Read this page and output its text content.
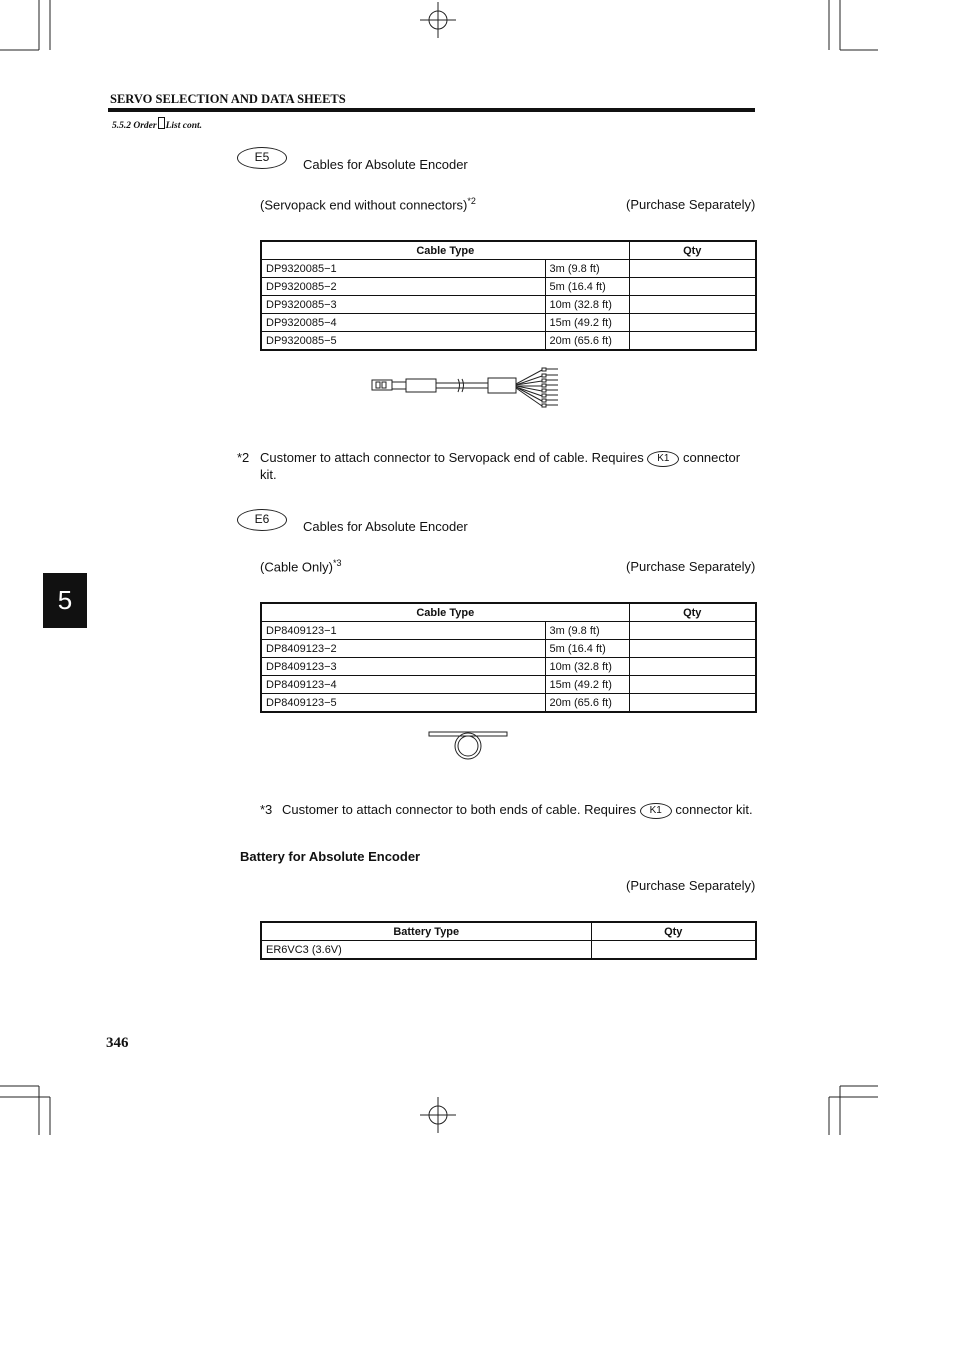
SERVO SELECTION AND DATA SHEETS
5.5.2 Order List cont.
E5	Cables for Absolute Encoder
(Servopack end without connectors)$^{*2}$	(Purchase Separately)
Cable Type		Qty
DP9320085−1	3m (9.8 ft)	
DP9320085−2	5m (16.4 ft)	
DP9320085−3	10m (32.8 ft)	
DP9320085−4	15m (49.2 ft)	
DP9320085−5	20m (65.6 ft)	
*2 Customer to attach connector to Servopack end of cable. Requires K1 connector
kit.
E6	Cables for Absolute Encoder
(Cable Only)$^{*3}$	(Purchase Separately)
Cable Type		Qty
DP8409123−1	3m (9.8 ft)	
DP8409123−2	5m (16.4 ft)	
DP8409123−3	10m (32.8 ft)	
DP8409123−4	15m (49.2 ft)	
DP8409123−5	20m (65.6 ft)	
*3 Customer to attach connector to both ends of cable. Requires K1 connector kit.
Battery for Absolute Encoder
(Purchase Separately)
Battery Type	Qty
ER6VC3 (3.6V)	
5
346
